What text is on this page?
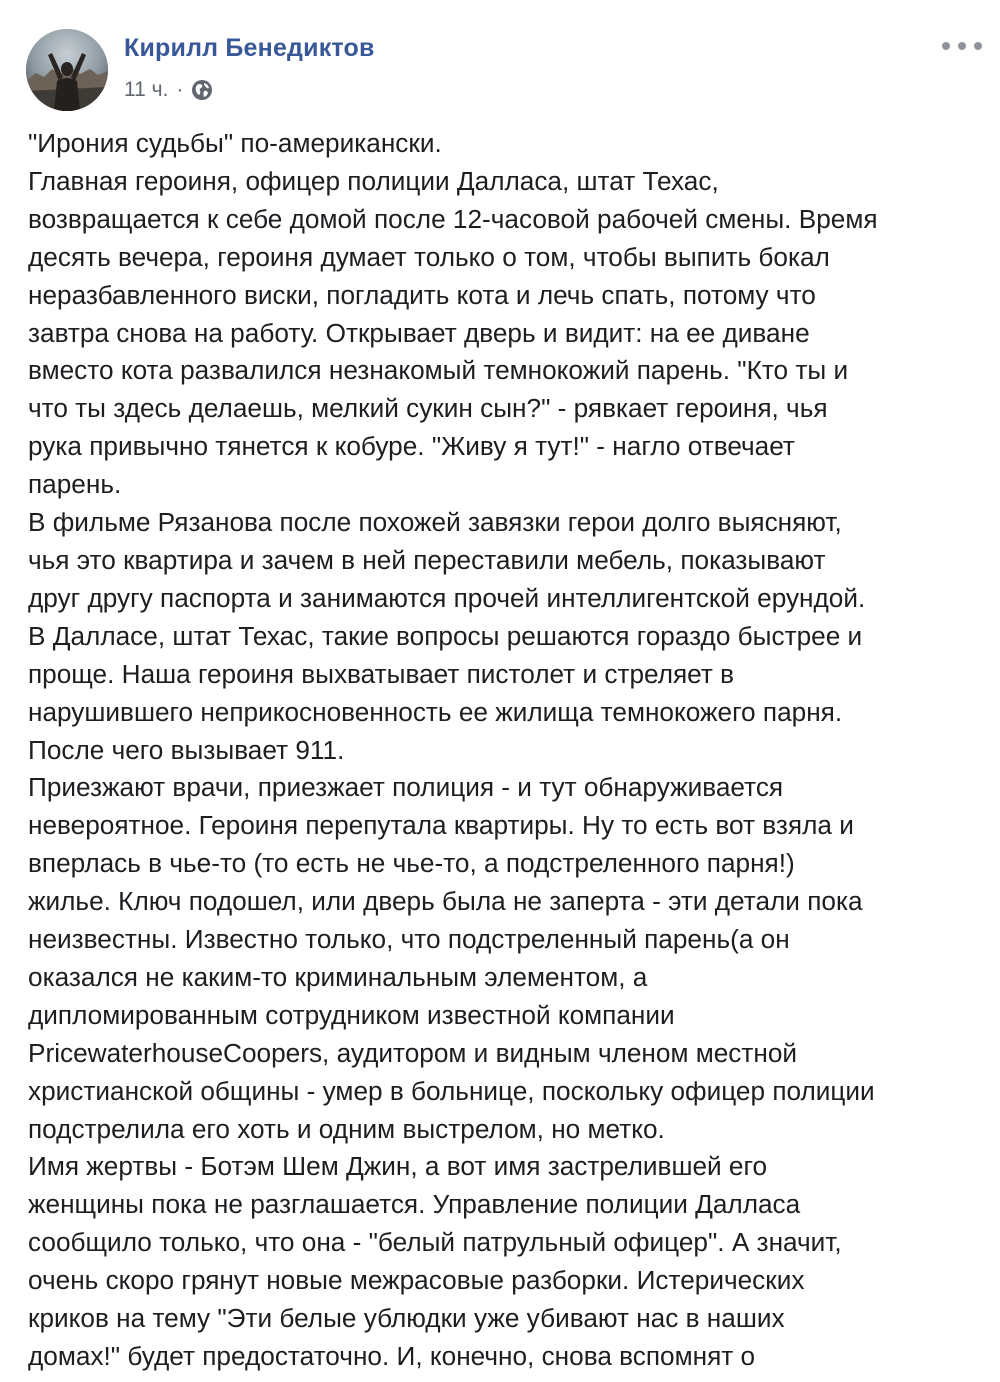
Кирилл Бенедиктов
11 ч. ·

"Ирония судьбы" по-американски.

Главная героиня, офицер полиции Далласа, штат Техас,
возвращается к себе домой после 12-часовой рабочей смены. Время
десять вечера, героиня думает только о том, чтобы выпить бокал
неразбавленного виски, погладить кота и лечь спать, потому что
завтра снова на работу. Открывает дверь и видит: на ее диване
вместо кота развалился незнакомый темнокожий парень. "Кто ты и
что ты здесь делаешь, мелкий сукин сын?" - рявкает героиня, чья
рука привычно тянется к кобуре. "Живу я тут!" - нагло отвечает
парень.

В фильме Рязанова после похожей завязки герои долго выясняют,
чья это квартира и зачем в ней переставили мебель, показывают
друг другу паспорта и занимаются прочей интеллигентской ерундой.
В Далласе, штат Техас, такие вопросы решаются гораздо быстрее и
проще. Наша героиня выхватывает пистолет и стреляет в
нарушившего неприкосновенность ее жилища темнокожего парня.
После чего вызывает 911.

Приезжают врачи, приезжает полиция - и тут обнаруживается
невероятное. Героиня перепутала квартиры. Ну то есть вот взяла и
вперлась в чье-то (то есть не чье-то, а подстреленного парня!)
жилье. Ключ подошел, или дверь была не заперта - эти детали пока
неизвестны. Известно только, что подстреленный парень(а он
оказался не каким-то криминальным элементом, а
дипломированным сотрудником известной компании
PricewaterhouseCoopers, аудитором и видным членом местной
христианской общины - умер в больнице, поскольку офицер полиции
подстрелила его хоть и одним выстрелом, но метко.

Имя жертвы - Ботэм Шем Джин, а вот имя застрелившей его
женщины пока не разглашается. Управление полиции Далласа
сообщило только, что она - "белый патрульный офицер". А значит,
очень скоро грянут новые межрасовые разборки. Истерических
криков на тему "Эти белые ублюдки уже убивают нас в наших
домах!" будет предостаточно. И, конечно, снова вспомнят о
